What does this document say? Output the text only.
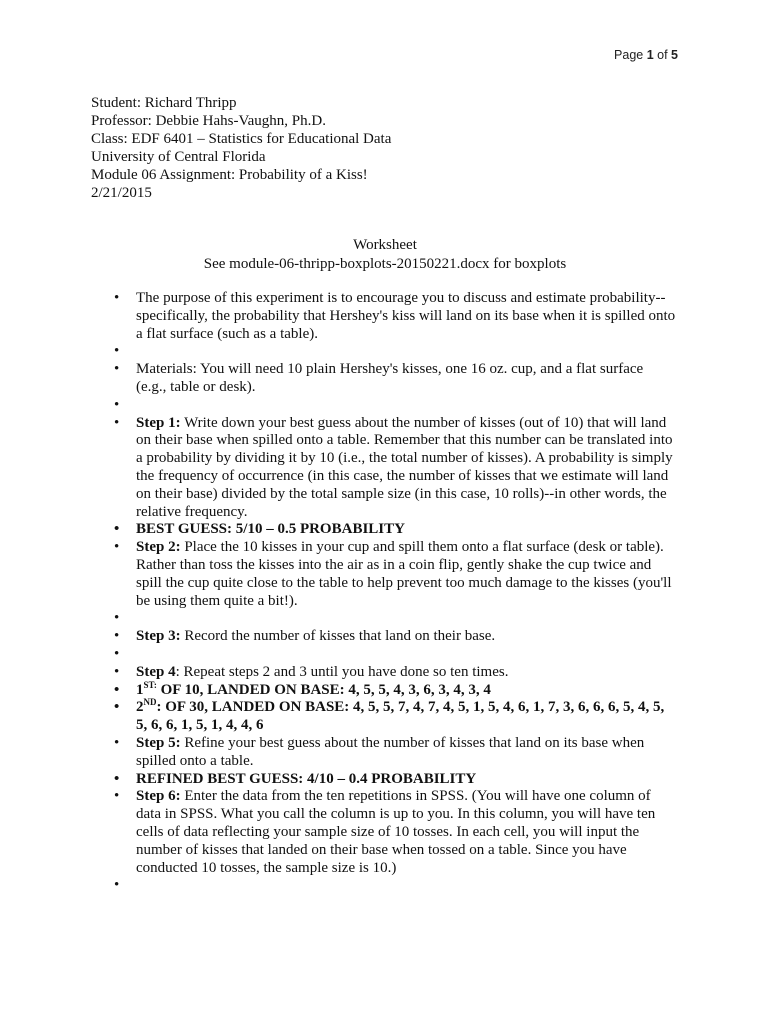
Page 1 of 5
Student: Richard Thripp
Professor: Debbie Hahs-Vaughn, Ph.D.
Class: EDF 6401 – Statistics for Educational Data
University of Central Florida
Module 06 Assignment: Probability of a Kiss!
2/21/2015
Worksheet
See module-06-thripp-boxplots-20150221.docx for boxplots
• The purpose of this experiment is to encourage you to discuss and estimate probability--specifically, the probability that Hershey's kiss will land on its base when it is spilled onto a flat surface (such as a table).
•
• Materials: You will need 10 plain Hershey's kisses, one 16 oz. cup, and a flat surface (e.g., table or desk).
•
• Step 1: Write down your best guess about the number of kisses (out of 10) that will land on their base when spilled onto a table. Remember that this number can be translated into a probability by dividing it by 10 (i.e., the total number of kisses). A probability is simply the frequency of occurrence (in this case, the number of kisses that we estimate will land on their base) divided by the total sample size (in this case, 10 rolls)--in other words, the relative frequency.
• BEST GUESS: 5/10 – 0.5 PROBABILITY
• Step 2: Place the 10 kisses in your cup and spill them onto a flat surface (desk or table). Rather than toss the kisses into the air as in a coin flip, gently shake the cup twice and spill the cup quite close to the table to help prevent too much damage to the kisses (you'll be using them quite a bit!).
•
• Step 3: Record the number of kisses that land on their base.
•
• Step 4: Repeat steps 2 and 3 until you have done so ten times.
• $1^{ST:}$ OF 10, LANDED ON BASE: 4, 5, 5, 4, 3, 6, 3, 4, 3, 4
• 2ND: OF 30, LANDED ON BASE: 4, 5, 5, 7, 4, 7, 4, 5, 1, 5, 4, 6, 1, 7, 3, 6, 6, 6, 5, 4, 5, 5, 6, 6, 1, 5, 1, 4, 4, 6
• Step 5: Refine your best guess about the number of kisses that land on its base when spilled onto a table.
• REFINED BEST GUESS: 4/10 – 0.4 PROBABILITY
• Step 6: Enter the data from the ten repetitions in SPSS. (You will have one column of data in SPSS. What you call the column is up to you. In this column, you will have ten cells of data reflecting your sample size of 10 tosses. In each cell, you will input the number of kisses that landed on their base when tossed on a table. Since you have conducted 10 tosses, the sample size is 10.)
•
